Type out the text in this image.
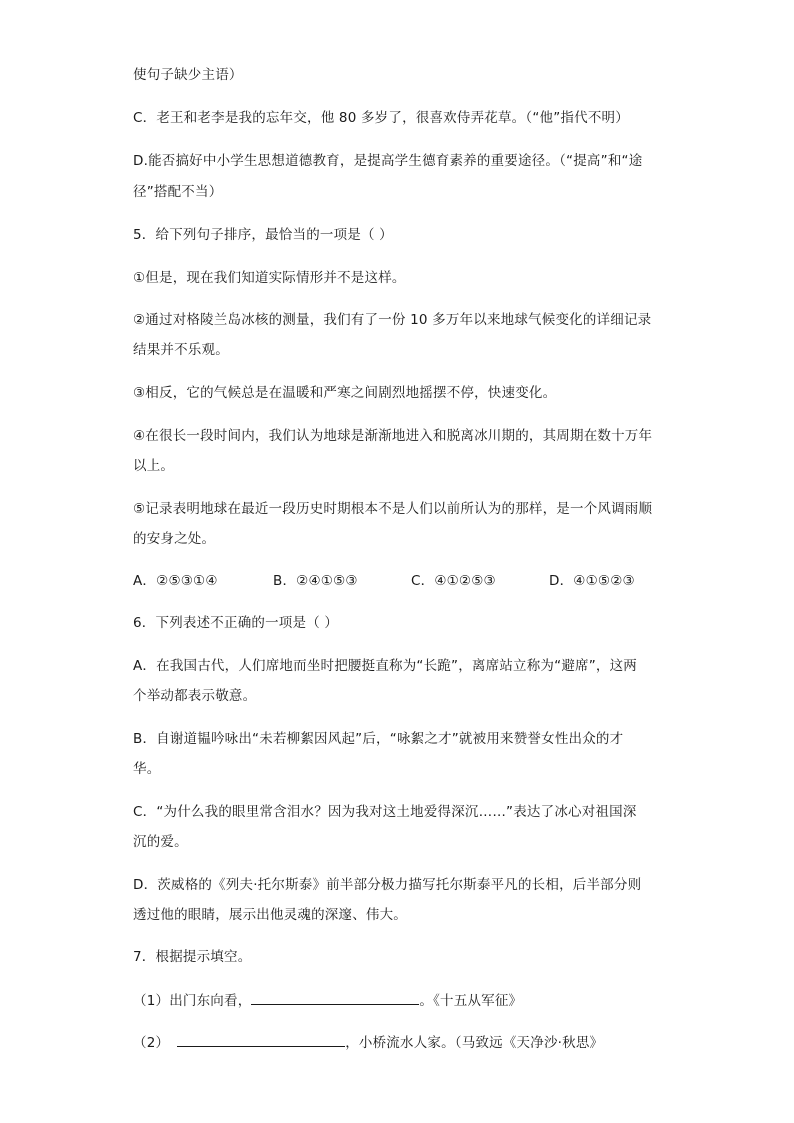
使句子缺少主语）
C．老王和老李是我的忘年交，他 80 多岁了，很喜欢侍弄花草。（“他”指代不明）
D.能否搞好中小学生思想道德教育，是提高学生德育素养的重要途径。（“提高”和“途
径”搭配不当）
5．给下列句子排序，最恰当的一项是（ ）
①但是，现在我们知道实际情形并不是这样。
②通过对格陵兰岛冰核的测量，我们有了一份 10 多万年以来地球气候变化的详细记录
结果并不乐观。
③相反，它的气候总是在温暖和严寒之间剧烈地摇摆不停，快速变化。
④在很长一段时间内，我们认为地球是渐渐地进入和脱离冰川期的，其周期在数十万年
以上。
⑤记录表明地球在最近一段历史时期根本不是人们以前所认为的那样，是一个风调雨顺
的安身之处。
A．②⑤③①④	B．②④①⑤③	C．④①②⑤③	D．④①⑤②③
6．下列表述不正确的一项是（ ）
A．在我国古代，人们席地而坐时把腰挺直称为“长跪”，离席站立称为“避席”，这两
个举动都表示敬意。
B．自谢道韫吟咏出“未若柳絮因风起”后，“咏絮之才”就被用来赞誉女性出众的才
华。
C．“为什么我的眼里常含泪水？因为我对这土地爱得深沉……”表达了冰心对祖国深
沉的爱。
D．茨威格的《列夫·托尔斯泰》前半部分极力描写托尔斯泰平凡的长相，后半部分则
透过他的眼睛，展示出他灵魂的深邃、伟大。
7．根据提示填空。
（1）出门东向看，	。《十五从军征》
（2）	，小桥流水人家。（马致远《天净沙·秋思》
